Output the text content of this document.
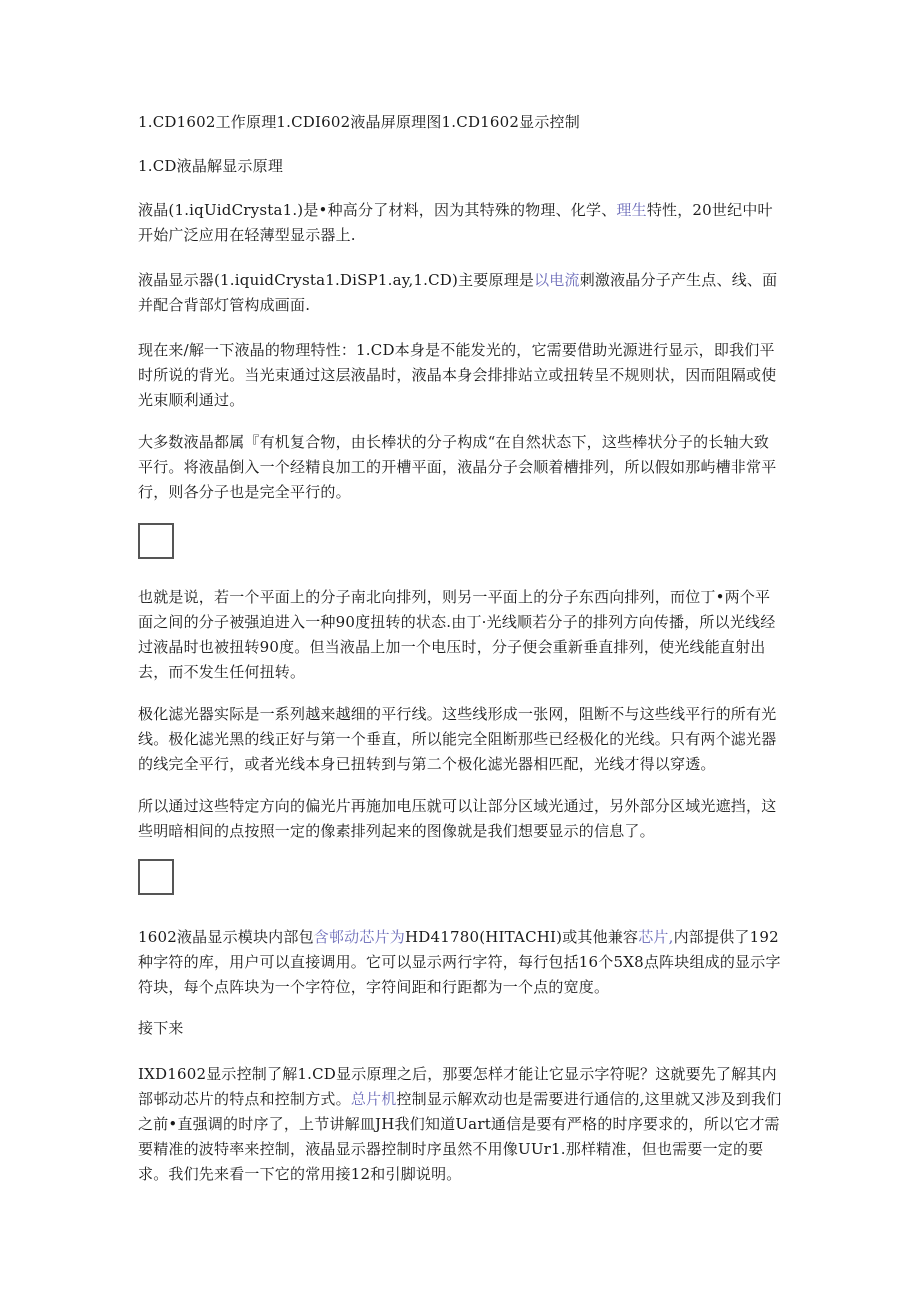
1.CD1602工作原理1.CDI602液晶屏原理图1.CD1602显示控制

1.CD液晶解显示原理

液晶(1.iqUidCrysta1.)是•种高分了材料，因为其特殊的物理、化学、理生特性，20世纪中叶开始广泛应用在轻薄型显示器上.

液晶显示器(1.iquidCrysta1.DiSP1.ay,1.CD)主要原理是以电流刺激液晶分子产生点、线、面并配合背部灯管构成画面.

现在来/解一下液晶的物理特性：1.CD本身是不能发光的，它需要借助光源进行显示，即我们平时所说的背光。当光束通过这层液晶时，液晶本身会排排站立或扭转呈不规则状，因而阻隔或使光束顺利通过。

大多数液晶都属『有机复合物，由长棒状的分子构成“在自然状态下，这些棒状分子的长轴大致平行。将液晶倒入一个经精良加工的开槽平面，液晶分子会顺着槽排列，所以假如那屿槽非常平行，则各分子也是完全平行的。

也就是说，若一个平面上的分子南北向排列，则另一平面上的分子东西向排列，而位丁•两个平面之间的分子被强迫进入一种90度扭转的状态.由丁·光线顺若分子的排列方向传播，所以光线经过液晶时也被扭转90度。但当液晶上加一个电压时，分子便会重新垂直排列，使光线能直射出去，而不发生任何扭转。

极化滤光器实际是一系列越来越细的平行线。这些线形成一张网，阻断不与这些线平行的所有光线。极化滤光黑的线正好与第一个垂直，所以能完全阻断那些已经极化的光线。只有两个滤光器的线完全平行，或者光线本身已扭转到与第二个极化滤光器相匹配，光线才得以穿透。

所以通过这些特定方向的偏光片再施加电压就可以让部分区域光通过，另外部分区域光遮挡，这些明暗相间的点按照一定的像素排列起来的图像就是我们想要显示的信息了。

1602液晶显示模块内部包含邨动芯片为HD41780(HITACHI)或其他兼容芯片,内部提供了192种字符的库，用户可以直接调用。它可以显示两行字符，每行包括16个5X8点阵块组成的显示字符块，每个点阵块为一个字符位，字符间距和行距都为一个点的宽度。

接下来

IXD1602显示控制了解1.CD显示原理之后，那要怎样才能让它显示字符呢？这就要先了解其内部邨动芯片的特点和控制方式。总片机控制显示解欢动也是需要进行通信的,这里就又涉及到我们之前•直强调的时序了，上节讲解皿JH我们知道Uart通信是要有严格的时序要求的，所以它才需要精准的波特率来控制，液晶显示器控制时序虽然不用像UUr1.那样精准，但也需要一定的要求。我们先来看一下它的常用接12和引脚说明。
